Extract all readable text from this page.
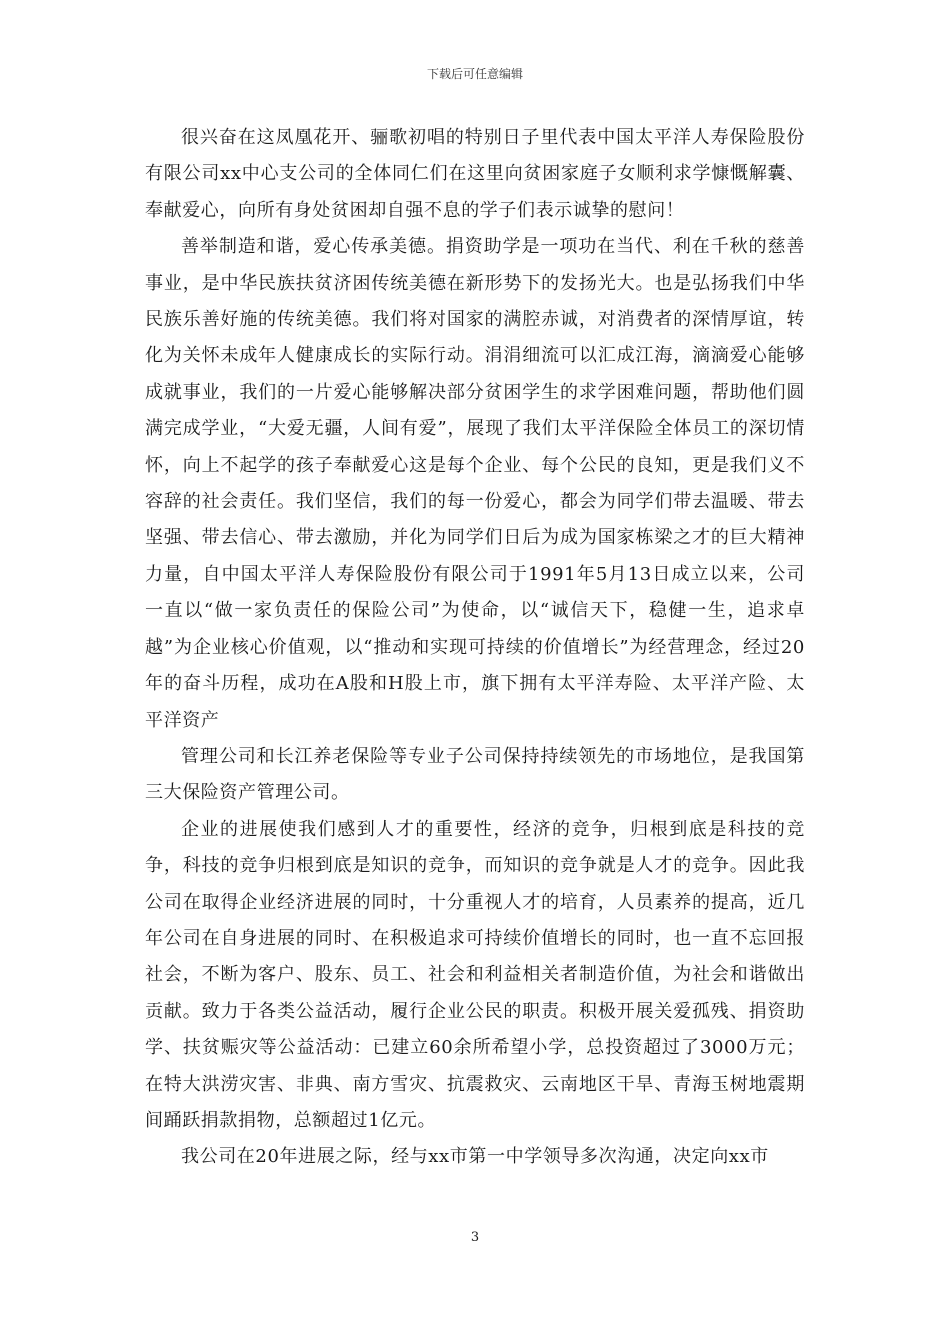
下载后可任意编辑

很兴奋在这凤凰花开、骊歌初唱的特别日子里代表中国太平洋人寿保险股份有限公司xx中心支公司的全体同仁们在这里向贫困家庭子女顺利求学慷慨解囊、奉献爱心，向所有身处贫困却自强不息的学子们表示诚挚的慰问！

善举制造和谐，爱心传承美德。捐资助学是一项功在当代、利在千秋的慈善事业，是中华民族扶贫济困传统美德在新形势下的发扬光大。也是弘扬我们中华民族乐善好施的传统美德。我们将对国家的满腔赤诚，对消费者的深情厚谊，转化为关怀未成年人健康成长的实际行动。涓涓细流可以汇成江海，滴滴爱心能够成就事业，我们的一片爱心能够解决部分贫困学生的求学困难问题，帮助他们圆满完成学业，“大爱无疆，人间有爱”，展现了我们太平洋保险全体员工的深切情怀，向上不起学的孩子奉献爱心这是每个企业、每个公民的良知，更是我们义不容辞的社会责任。我们坚信，我们的每一份爱心，都会为同学们带去温暖、带去坚强、带去信心、带去激励，并化为同学们日后为成为国家栋梁之才的巨大精神力量，自中国太平洋人寿保险股份有限公司于1991年5月13日成立以来，公司一直以“做一家负责任的保险公司”为使命，以“诚信天下，稳健一生，追求卓越”为企业核心价值观，以“推动和实现可持续的价值增长”为经营理念，经过20年的奋斗历程，成功在A股和H股上市，旗下拥有太平洋寿险、太平洋产险、太平洋资产

管理公司和长江养老保险等专业子公司保持持续领先的市场地位，是我国第三大保险资产管理公司。

企业的进展使我们感到人才的重要性，经济的竞争，归根到底是科技的竞争，科技的竞争归根到底是知识的竞争，而知识的竞争就是人才的竞争。因此我公司在取得企业经济进展的同时，十分重视人才的培育，人员素养的提高，近几年公司在自身进展的同时、在积极追求可持续价值增长的同时，也一直不忘回报社会，不断为客户、股东、员工、社会和利益相关者制造价值，为社会和谐做出贡献。致力于各类公益活动，履行企业公民的职责。积极开展关爱孤残、捐资助学、扶贫赈灾等公益活动：已建立60余所希望小学，总投资超过了3000万元；在特大洪涝灾害、非典、南方雪灾、抗震救灾、云南地区干旱、青海玉树地震期间踊跃捐款捐物，总额超过1亿元。

我公司在20年进展之际，经与xx市第一中学领导多次沟通，决定向xx市

3
